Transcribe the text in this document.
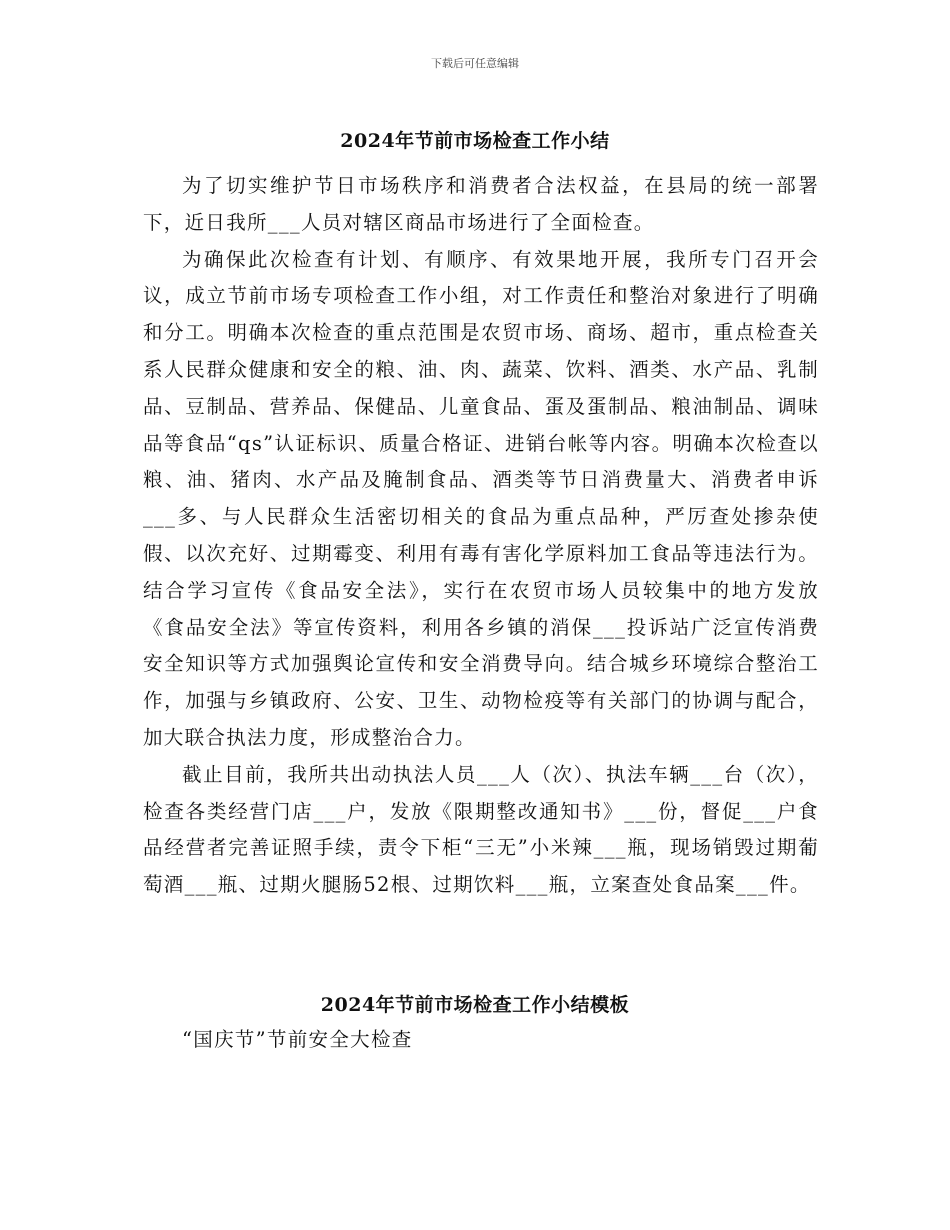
下载后可任意编辑
2024年节前市场检查工作小结

为了切实维护节日市场秩序和消费者合法权益，在县局的统一部署下，近日我所___人员对辖区商品市场进行了全面检查。

为确保此次检查有计划、有顺序、有效果地开展，我所专门召开会议，成立节前市场专项检查工作小组，对工作责任和整治对象进行了明确和分工。明确本次检查的重点范围是农贸市场、商场、超市，重点检查关系人民群众健康和安全的粮、油、肉、蔬菜、饮料、酒类、水产品、乳制品、豆制品、营养品、保健品、儿童食品、蛋及蛋制品、粮油制品、调味品等食品“qs”认证标识、质量合格证、进销台帐等内容。明确本次检查以粮、油、猪肉、水产品及腌制食品、酒类等节日消费量大、消费者申诉___多、与人民群众生活密切相关的食品为重点品种，严厉查处掺杂使假、以次充好、过期霉变、利用有毒有害化学原料加工食品等违法行为。结合学习宣传《食品安全法》，实行在农贸市场人员较集中的地方发放《食品安全法》等宣传资料，利用各乡镇的消保___投诉站广泛宣传消费安全知识等方式加强舆论宣传和安全消费导向。结合城乡环境综合整治工作，加强与乡镇政府、公安、卫生、动物检疫等有关部门的协调与配合，加大联合执法力度，形成整治合力。

截止目前，我所共出动执法人员___人（次）、执法车辆___台（次），检查各类经营门店___户，发放《限期整改通知书》___份，督促___户食品经营者完善证照手续，责令下柜“三无”小米辣___瓶，现场销毁过期葡萄酒___瓶、过期火腿肠52根、过期饮料___瓶，立案查处食品案___件。

2024年节前市场检查工作小结模板
“国庆节”节前安全大检查
